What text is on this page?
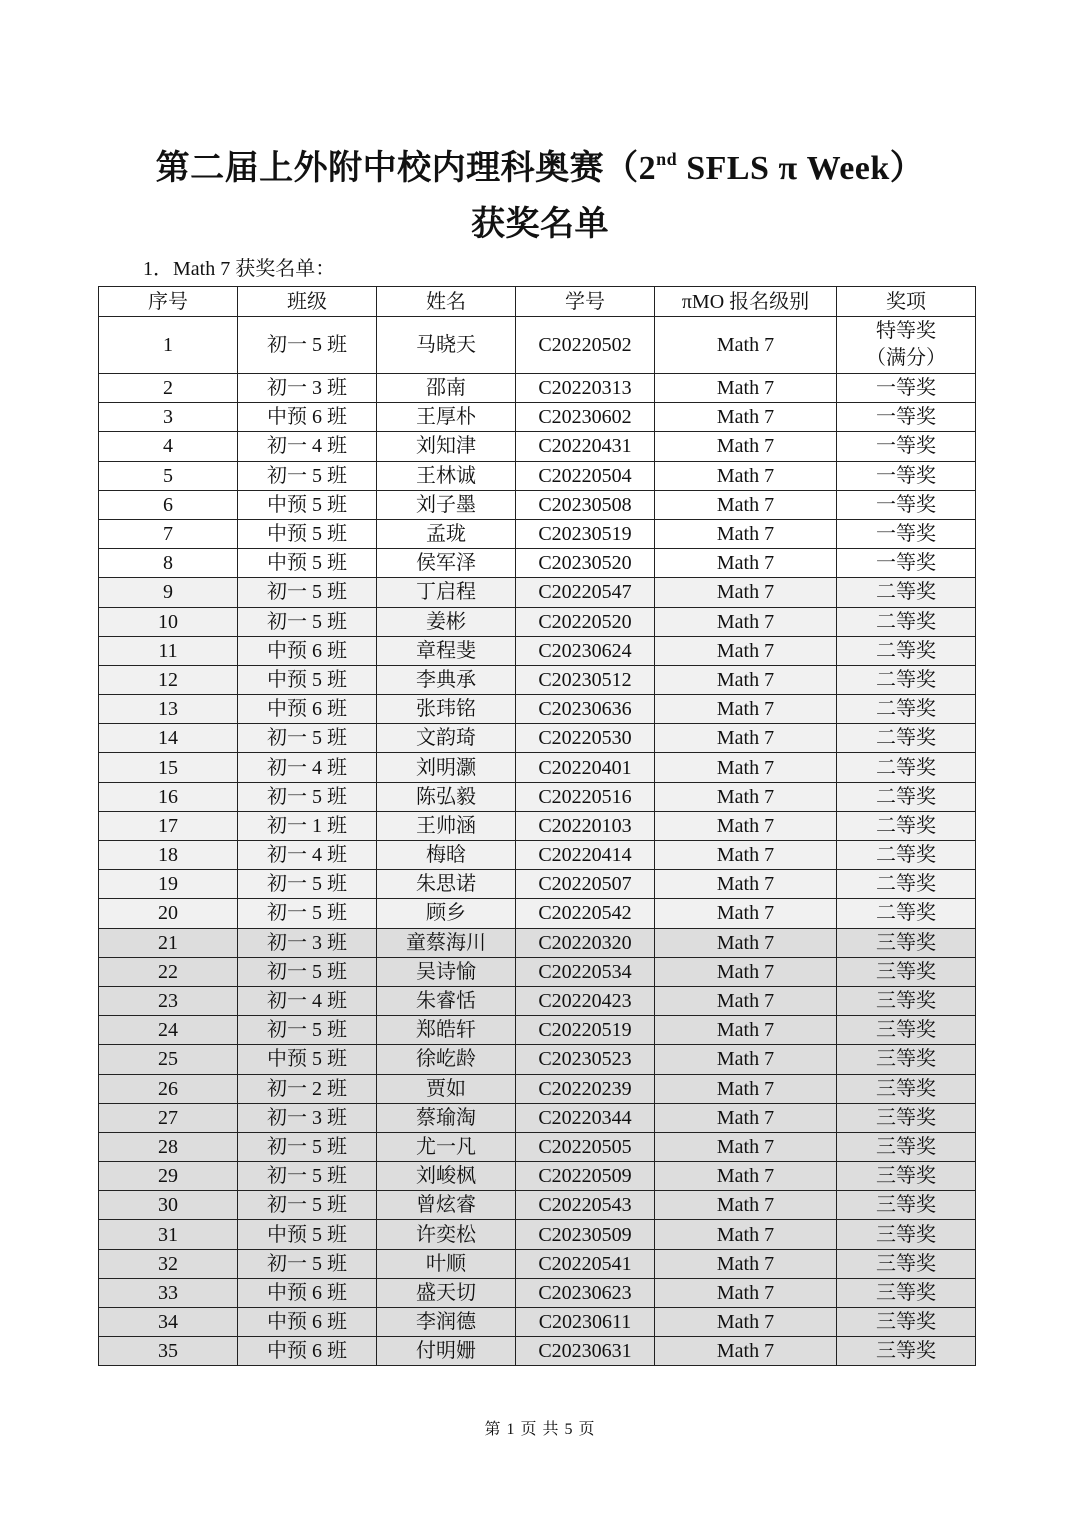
第二届上外附中校内理科奥赛（2nd SFLS π Week）
获奖名单
1．Math 7 获奖名单：
序号	班级	姓名	学号	πMO 报名级别	奖项
1	初一 5 班	马晓天	C20220502	Math 7	特等奖
（满分）
2	初一 3 班	邵南	C20220313	Math 7	一等奖
3	中预 6 班	王厚朴	C20230602	Math 7	一等奖
4	初一 4 班	刘知津	C20220431	Math 7	一等奖
5	初一 5 班	王林诚	C20220504	Math 7	一等奖
6	中预 5 班	刘子墨	C20230508	Math 7	一等奖
7	中预 5 班	孟珑	C20230519	Math 7	一等奖
8	中预 5 班	侯军泽	C20230520	Math 7	一等奖
9	初一 5 班	丁启程	C20220547	Math 7	二等奖
10	初一 5 班	姜彬	C20220520	Math 7	二等奖
11	中预 6 班	章程斐	C20230624	Math 7	二等奖
12	中预 5 班	李典承	C20230512	Math 7	二等奖
13	中预 6 班	张玮铭	C20230636	Math 7	二等奖
14	初一 5 班	文韵琦	C20220530	Math 7	二等奖
15	初一 4 班	刘明灏	C20220401	Math 7	二等奖
16	初一 5 班	陈弘毅	C20220516	Math 7	二等奖
17	初一 1 班	王帅涵	C20220103	Math 7	二等奖
18	初一 4 班	梅晗	C20220414	Math 7	二等奖
19	初一 5 班	朱思诺	C20220507	Math 7	二等奖
20	初一 5 班	顾乡	C20220542	Math 7	二等奖
21	初一 3 班	童蔡海川	C20220320	Math 7	三等奖
22	初一 5 班	吴诗愉	C20220534	Math 7	三等奖
23	初一 4 班	朱睿恬	C20220423	Math 7	三等奖
24	初一 5 班	郑皓轩	C20220519	Math 7	三等奖
25	中预 5 班	徐屹龄	C20230523	Math 7	三等奖
26	初一 2 班	贾如	C20220239	Math 7	三等奖
27	初一 3 班	蔡瑜淘	C20220344	Math 7	三等奖
28	初一 5 班	尤一凡	C20220505	Math 7	三等奖
29	初一 5 班	刘峻枫	C20220509	Math 7	三等奖
30	初一 5 班	曾炫睿	C20220543	Math 7	三等奖
31	中预 5 班	许奕松	C20230509	Math 7	三等奖
32	初一 5 班	叶顺	C20220541	Math 7	三等奖
33	中预 6 班	盛天切	C20230623	Math 7	三等奖
34	中预 6 班	李润德	C20230611	Math 7	三等奖
35	中预 6 班	付明姗	C20230631	Math 7	三等奖
第 1 页 共 5 页
